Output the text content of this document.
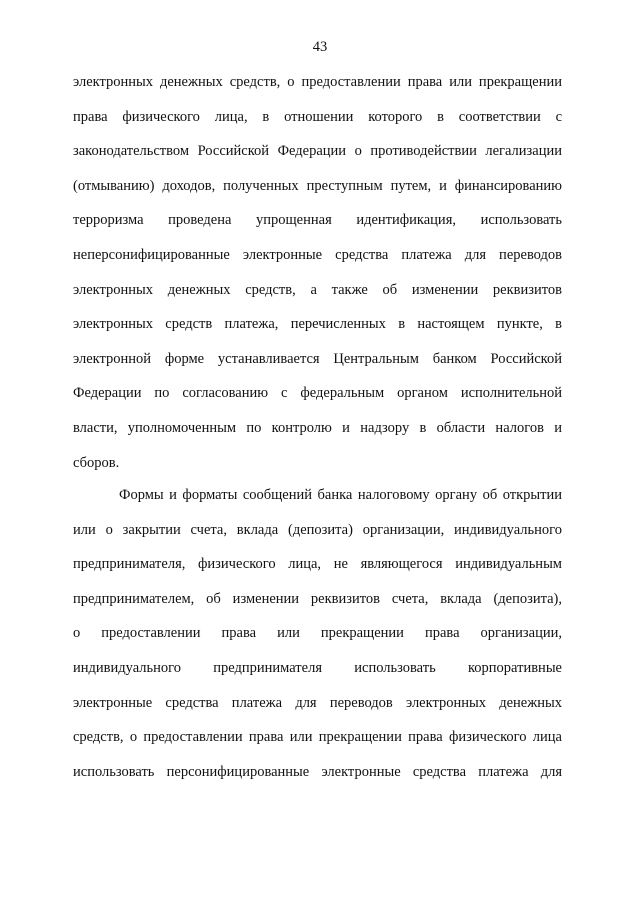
43
электронных денежных средств, о предоставлении права или прекращении
права физического лица, в отношении которого в соответствии с
законодательством Российской Федерации о противодействии легализации
(отмыванию) доходов, полученных преступным путем, и финансированию
терроризма проведена упрощенная идентификация, использовать
неперсонифицированные электронные средства платежа для переводов
электронных денежных средств, а также об изменении реквизитов
электронных средств платежа, перечисленных в настоящем пункте, в
электронной форме устанавливается Центральным банком Российской
Федерации по согласованию с федеральным органом исполнительной
власти, уполномоченным по контролю и надзору в области налогов и
сборов.
Формы и форматы сообщений банка налоговому органу об открытии
или о закрытии счета, вклада (депозита) организации, индивидуального
предпринимателя, физического лица, не являющегося индивидуальным
предпринимателем, об изменении реквизитов счета, вклада (депозита),
о предоставлении права или прекращении права организации,
индивидуального предпринимателя использовать корпоративные
электронные средства платежа для переводов электронных денежных
средств, о предоставлении права или прекращении права физического лица
использовать персонифицированные электронные средства платежа для
